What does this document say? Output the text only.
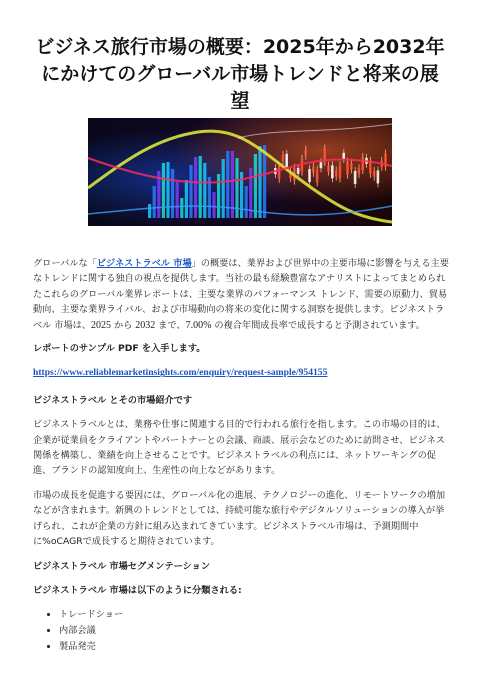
ビジネス旅行市場の概要：2025年から2032年にかけてのグローバル市場トレンドと将来の展望

グローバルな「ビジネストラベル 市場」の概要は、業界および世界中の主要市場に影響を与える主要なトレンドに関する独自の視点を提供します。当社の最も経験豊富なアナリストによってまとめられたこれらのグローバル業界レポートは、主要な業界のパフォーマンス トレンド、需要の原動力、貿易動向、主要な業界ライバル、および市場動向の将来の変化に関する洞察を提供します。ビジネストラベル 市場は、2025 から 2032 まで、7.00% の複合年間成長率で成長すると予測されています。

レポートのサンプル PDF を入手します。

https://www.reliablemarketinsights.com/enquiry/request-sample/954155

ビジネストラベル とその市場紹介です

ビジネストラベルとは、業務や仕事に関連する目的で行われる旅行を指します。この市場の目的は、企業が従業員をクライアントやパートナーとの会議、商談、展示会などのために訪問させ、ビジネス関係を構築し、業績を向上させることです。ビジネストラベルの利点には、ネットワーキングの促進、ブランドの認知度向上、生産性の向上などがあります。

市場の成長を促進する要因には、グローバル化の進展、テクノロジーの進化、リモートワークの増加などが含まれます。新興のトレンドとしては、持続可能な旅行やデジタルソリューションの導入が挙げられ、これが企業の方針に組み込まれてきています。ビジネストラベル市場は、予測期間中に%oCAGRで成長すると期待されています。

ビジネストラベル 市場セグメンテーション

ビジネストラベル 市場は以下のように分類される:

• トレードショー
• 内部会議
• 製品発売
